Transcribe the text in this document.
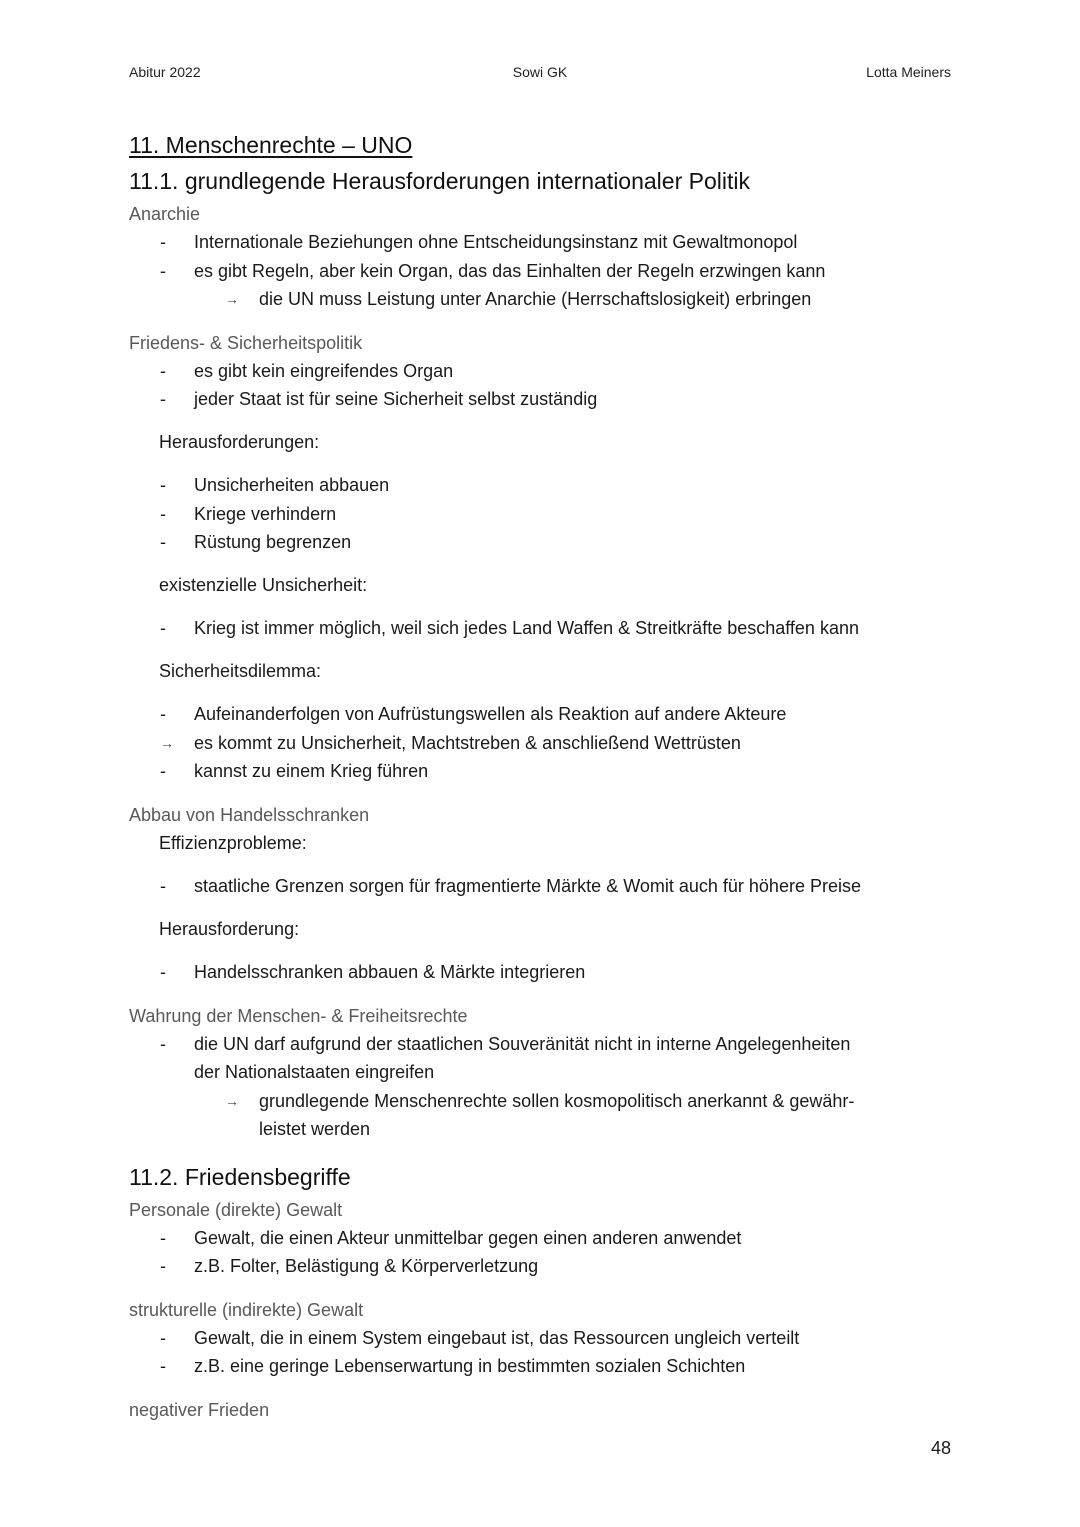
Abitur 2022	Sowi GK	Lotta Meiners
11. Menschenrechte – UNO
11.1. grundlegende Herausforderungen internationaler Politik
Anarchie
- Internationale Beziehungen ohne Entscheidungsinstanz mit Gewaltmonopol
- es gibt Regeln, aber kein Organ, das das Einhalten der Regeln erzwingen kann
→ die UN muss Leistung unter Anarchie (Herrschaftslosigkeit) erbringen
Friedens- & Sicherheitspolitik
- es gibt kein eingreifendes Organ
- jeder Staat ist für seine Sicherheit selbst zuständig
Herausforderungen:
- Unsicherheiten abbauen
- Kriege verhindern
- Rüstung begrenzen
existenzielle Unsicherheit:
- Krieg ist immer möglich, weil sich jedes Land Waffen & Streitkräfte beschaffen kann
Sicherheitsdilemma:
- Aufeinanderfolgen von Aufrüstungswellen als Reaktion auf andere Akteure
→ es kommt zu Unsicherheit, Machtstreben & anschließend Wettrüsten
- kannst zu einem Krieg führen
Abbau von Handelsschranken
Effizienzprobleme:
- staatliche Grenzen sorgen für fragmentierte Märkte & Womit auch für höhere Preise
Herausforderung:
- Handelsschranken abbauen & Märkte integrieren
Wahrung der Menschen- & Freiheitsrechte
- die UN darf aufgrund der staatlichen Souveränität nicht in interne Angelegenheiten
der Nationalstaaten eingreifen
→ grundlegende Menschenrechte sollen kosmopolitisch anerkannt & gewähr-
leistet werden
11.2. Friedensbegriffe
Personale (direkte) Gewalt
- Gewalt, die einen Akteur unmittelbar gegen einen anderen anwendet
- z.B. Folter, Belästigung & Körperverletzung
strukturelle (indirekte) Gewalt
- Gewalt, die in einem System eingebaut ist, das Ressourcen ungleich verteilt
- z.B. eine geringe Lebenserwartung in bestimmten sozialen Schichten
negativer Frieden
48
